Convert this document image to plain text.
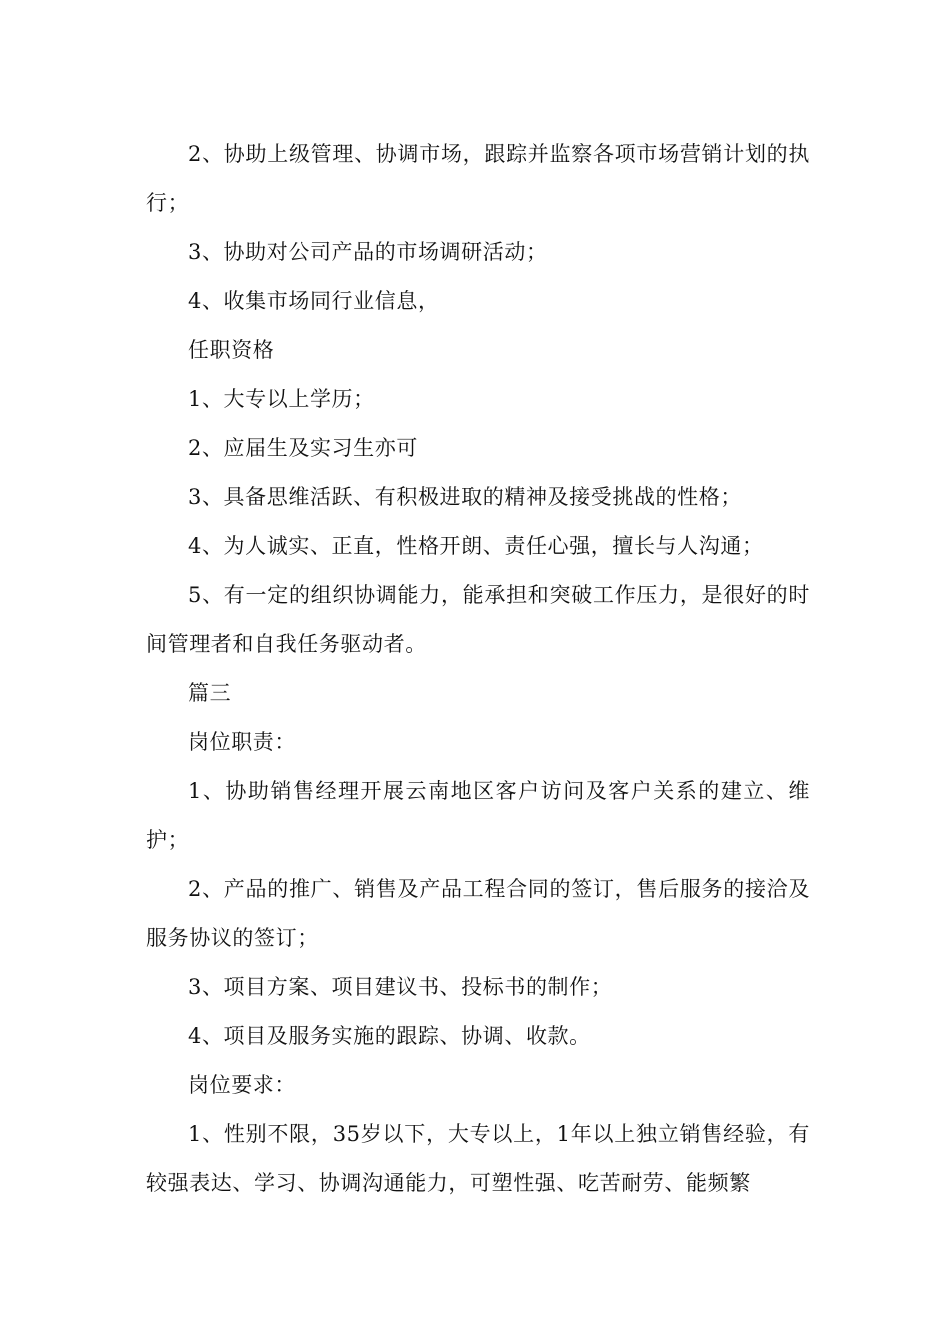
2、协助上级管理、协调市场，跟踪并监察各项市场营销计划的执行；

3、协助对公司产品的市场调研活动；

4、收集市场同行业信息，

任职资格

1、大专以上学历；

2、应届生及实习生亦可

3、具备思维活跃、有积极进取的精神及接受挑战的性格；

4、为人诚实、正直，性格开朗、责任心强，擅长与人沟通；

5、有一定的组织协调能力，能承担和突破工作压力，是很好的时间管理者和自我任务驱动者。

篇三

岗位职责：

1、协助销售经理开展云南地区客户访问及客户关系的建立、维护；

2、产品的推广、销售及产品工程合同的签订，售后服务的接洽及服务协议的签订；

3、项目方案、项目建议书、投标书的制作；

4、项目及服务实施的跟踪、协调、收款。

岗位要求：

1、性别不限，35岁以下，大专以上，1年以上独立销售经验，有较强表达、学习、协调沟通能力，可塑性强、吃苦耐劳、能频繁
